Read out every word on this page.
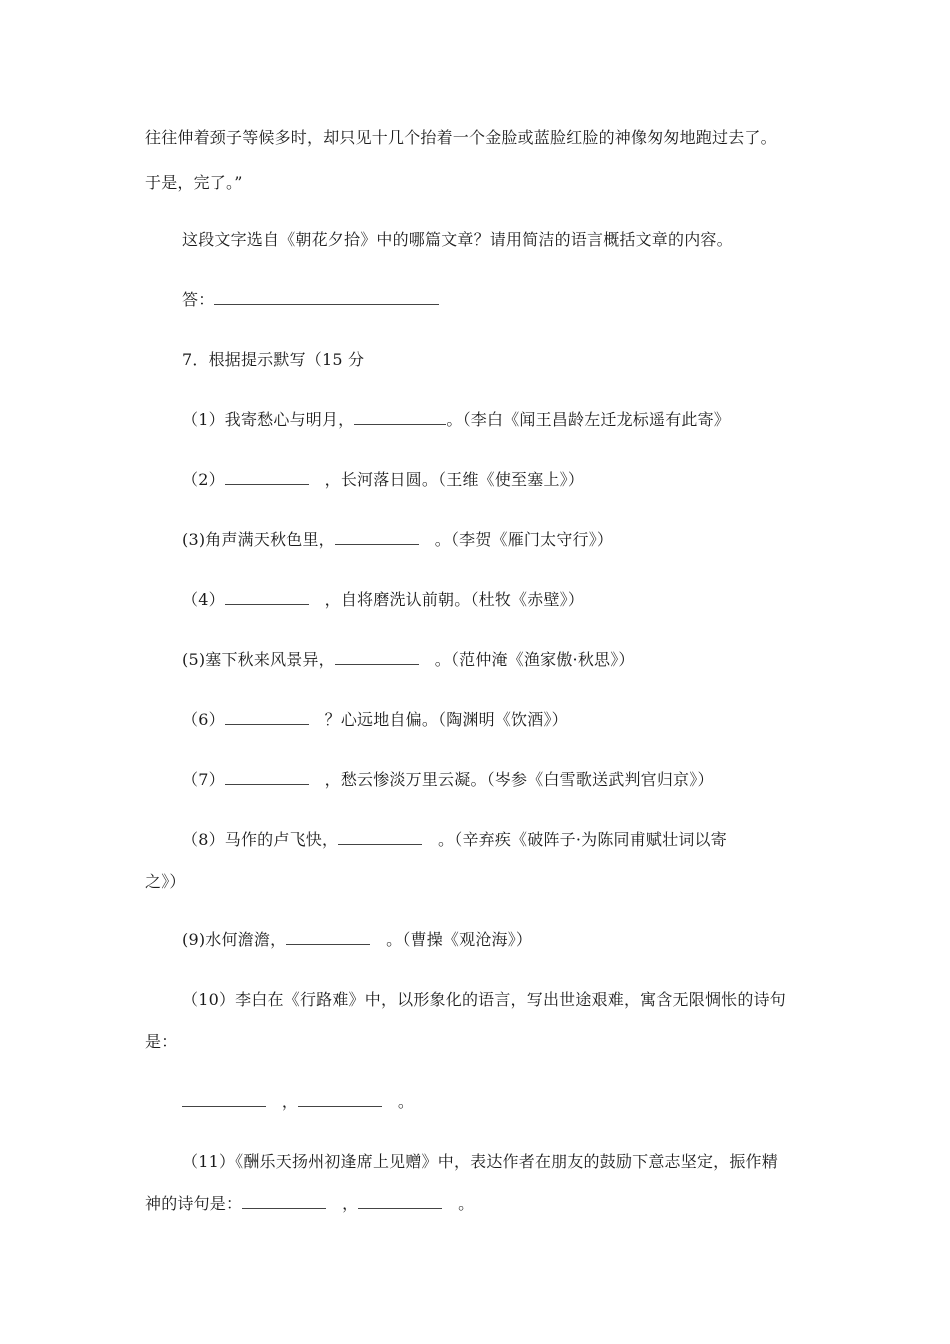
往往伸着颈子等候多时，却只见十几个抬着一个金脸或蓝脸红脸的神像匆匆地跑过去了。
于是，完了。”
这段文字选自《朝花夕拾》中的哪篇文章？请用简洁的语言概括文章的内容。
答：
7．根据提示默写（15 分
（1）我寄愁心与明月，	。（李白《闻王昌龄左迁龙标遥有此寄》
（2）	，长河落日圆。（王维《使至塞上》）
(3)角声满天秋色里，	。（李贺《雁门太守行》）
（4）	，自将磨洗认前朝。（杜牧《赤壁》）
(5)塞下秋来风景异，	。（范仲淹《渔家傲·秋思》）
（6）	？心远地自偏。（陶渊明《饮酒》）
（7）	，愁云惨淡万里云凝。（岑参《白雪歌送武判官归京》）
（8）马作的卢飞快，	。（辛弃疾《破阵子·为陈同甫赋壮词以寄
之》）
(9)水何澹澹，	。（曹操《观沧海》）
（10）李白在《行路难》中，以形象化的语言，写出世途艰难，寓含无限惆怅的诗句
是：
，	。
（11）《酬乐天扬州初逢席上见赠》中，表达作者在朋友的鼓励下意志坚定，振作精
神的诗句是：	，	。
